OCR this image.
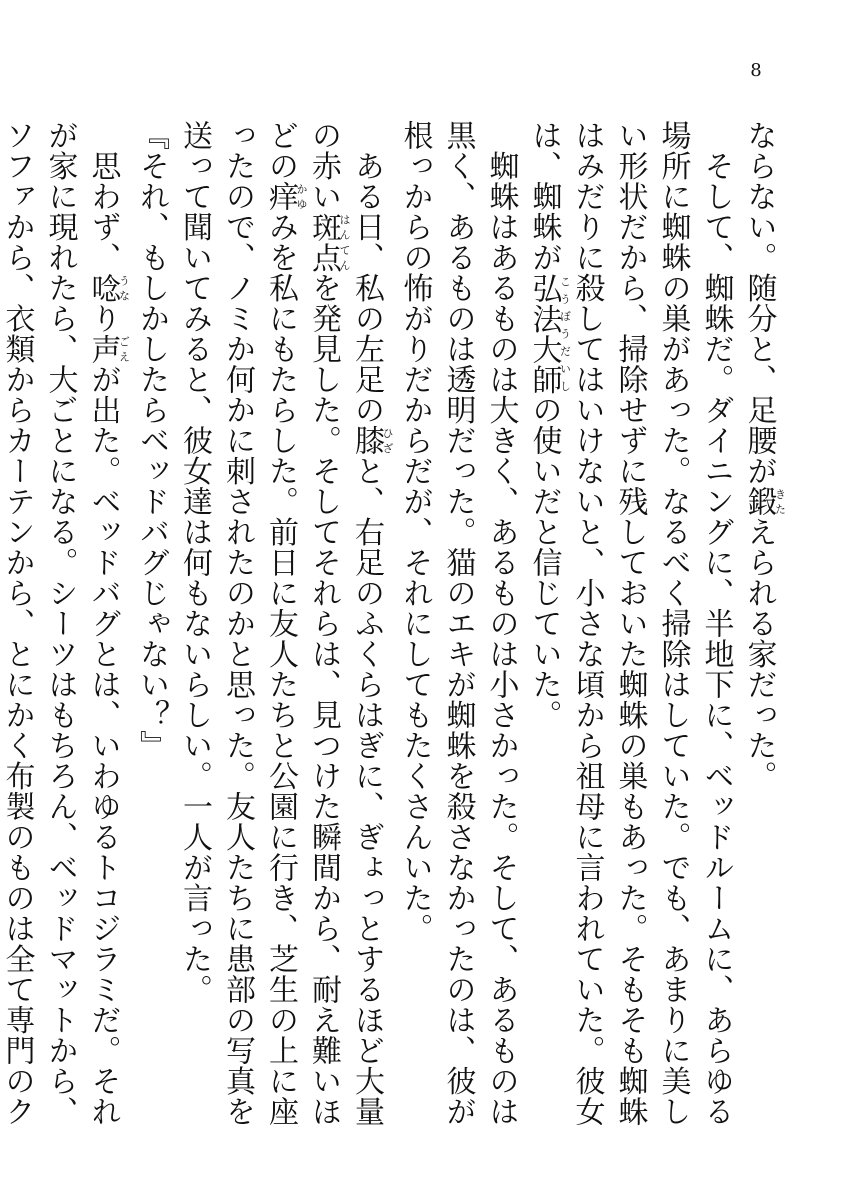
8

ならない。随分と、足腰が鍛きたえられる家だった。

　そして、蜘蛛だ。ダイニングに、半地下に、ベッドルームに、あらゆる場所に蜘蛛の巣があった。なるべく掃除はしていた。でも、あまりに美しい形状だから、掃除せずに残しておいた蜘蛛の巣もあった。そもそも蜘蛛はみだりに殺してはいけないと、小さな頃から祖母に言われていた。彼女は、蜘蛛が弘法大師こうぼうだいしの使いだと信じていた。

　蜘蛛はあるものは大きく、あるものは小さかった。そして、あるものは黒く、あるものは透明だった。猫のエキが蜘蛛を殺さなかったのは、彼が根っからの怖がりだからだが、それにしてもたくさんいた。

　ある日、私の左足の膝ひざと、右足のふくらはぎに、ぎょっとするほど大量の赤い斑点はんてんを発見した。そしてそれらは、見つけた瞬間から、耐え難いほどの痒かゆみを私にもたらした。前日に友人たちと公園に行き、芝生の上に座ったので、ノミか何かに刺されたのかと思った。友人たちに患部の写真を送って聞いてみると、彼女達は何もないらしい。一人が言った。

『それ、もしかしたらベッドバグじゃない？』

　思わず、唸うなり声ごえが出た。ベッドバグとは、いわゆるトコジラミだ。それが家に現れたら、大ごとになる。シーツはもちろん、ベッドマットから、ソファから、衣類からカーテンから、とにかく布製のものは全て専門のク
